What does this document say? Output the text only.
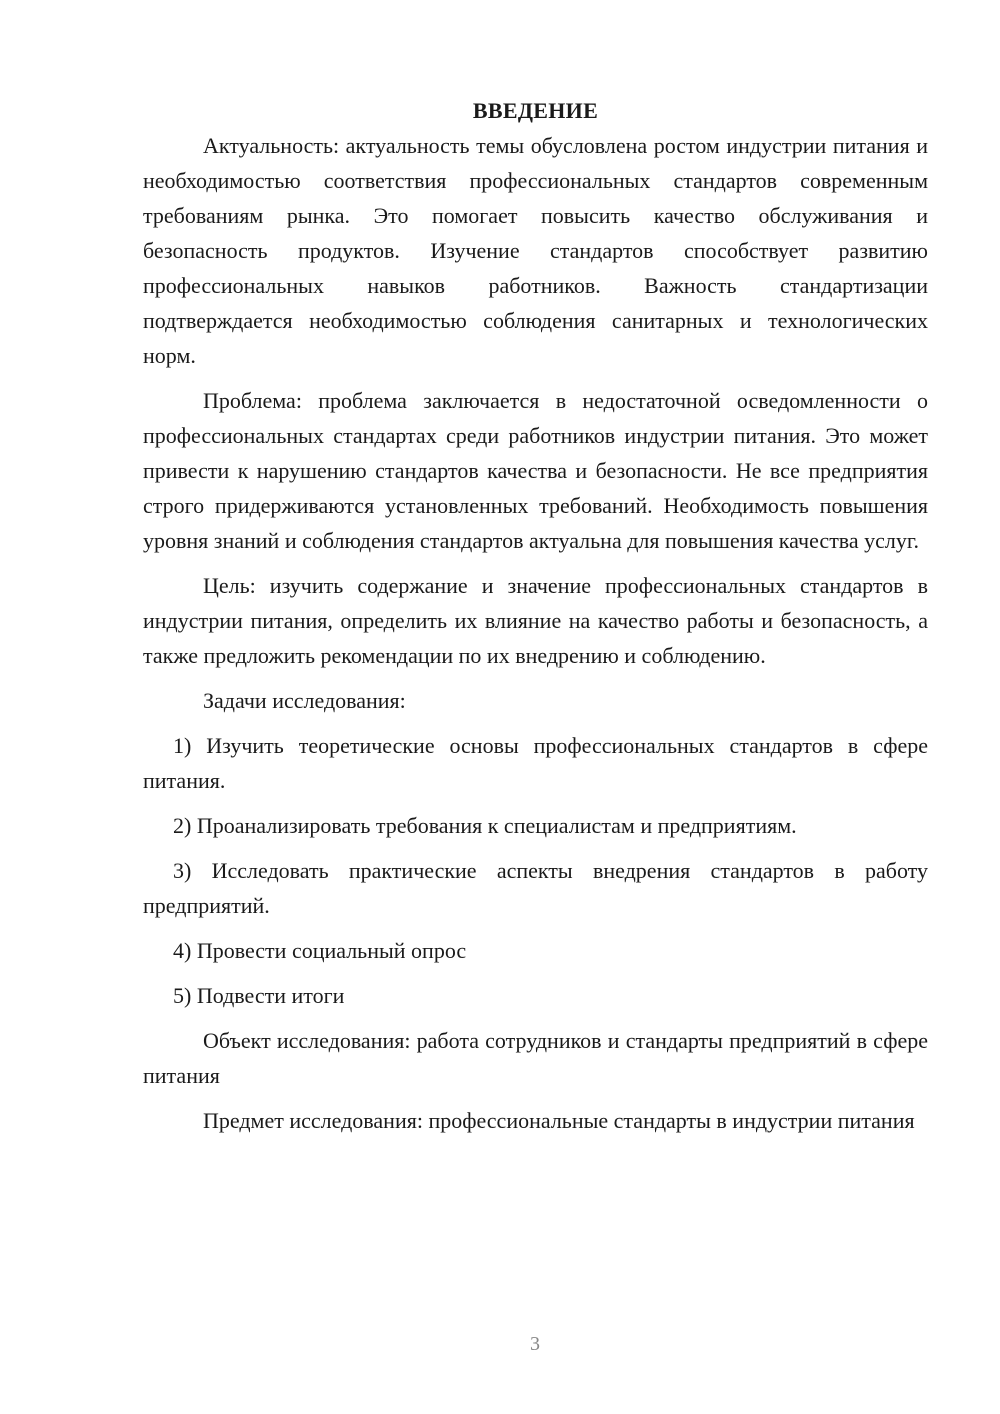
ВВЕДЕНИЕ

Актуальность: актуальность темы обусловлена ростом индустрии питания и необходимостью соответствия профессиональных стандартов современным требованиям рынка. Это помогает повысить качество обслуживания и безопасность продуктов. Изучение стандартов способствует развитию профессиональных навыков работников. Важность стандартизации подтверждается необходимостью соблюдения санитарных и технологических норм.

Проблема: проблема заключается в недостаточной осведомленности о профессиональных стандартах среди работников индустрии питания. Это может привести к нарушению стандартов качества и безопасности. Не все предприятия строго придерживаются установленных требований. Необходимость повышения уровня знаний и соблюдения стандартов актуальна для повышения качества услуг.

Цель: изучить содержание и значение профессиональных стандартов в индустрии питания, определить их влияние на качество работы и безопасность, а также предложить рекомендации по их внедрению и соблюдению.

Задачи исследования:

1) Изучить теоретические основы профессиональных стандартов в сфере питания.

2) Проанализировать требования к специалистам и предприятиям.

3) Исследовать практические аспекты внедрения стандартов в работу предприятий.

4) Провести социальный опрос

5) Подвести итоги

Объект исследования: работа сотрудников и стандарты предприятий в сфере питания

Предмет исследования: профессиональные стандарты в индустрии питания

3
